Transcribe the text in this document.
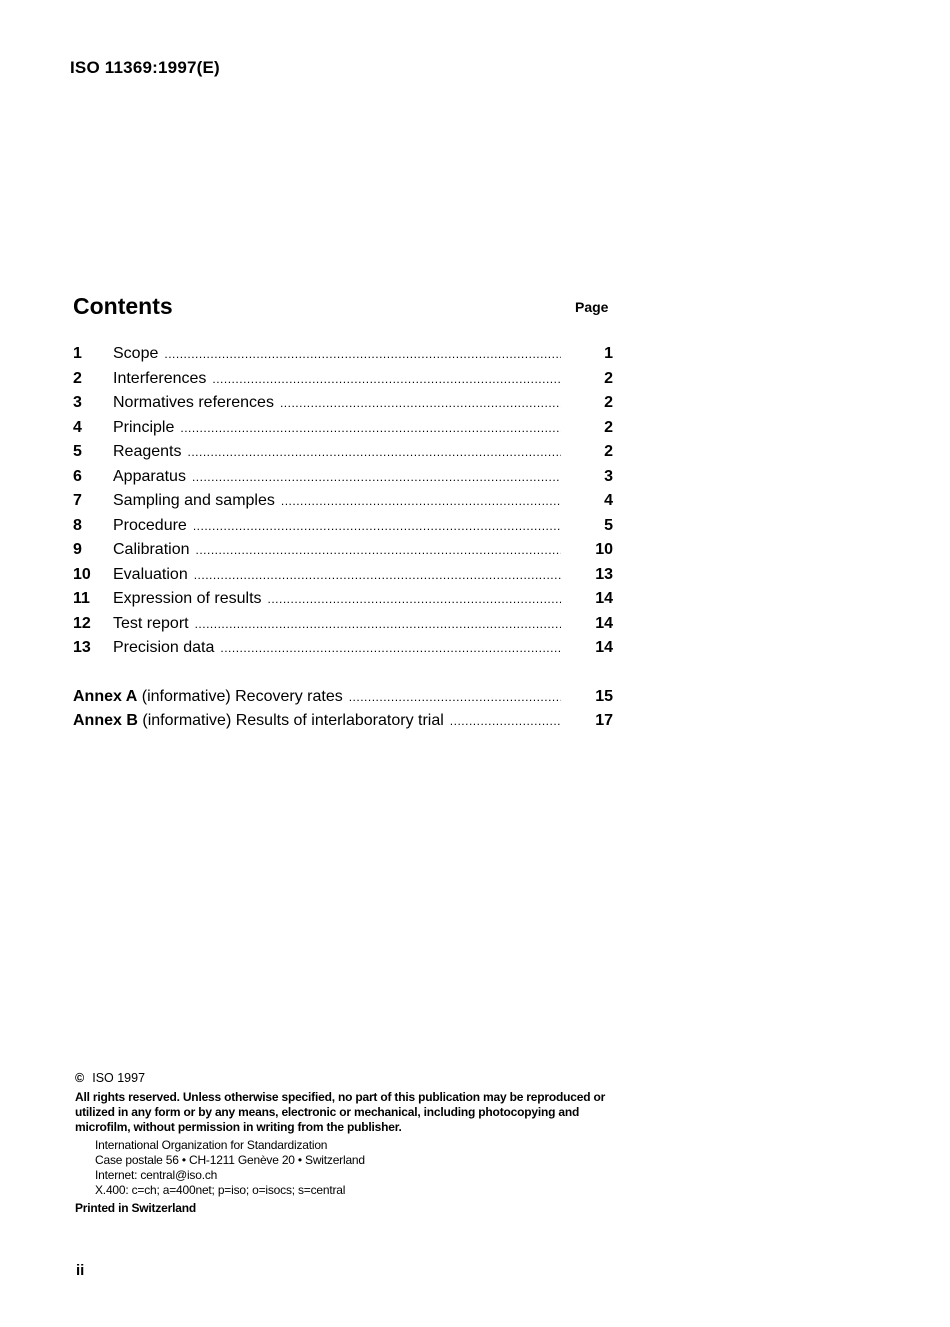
ISO 11369:1997(E)
Contents	Page
1	Scope .....	1
2	Interferences .....	2
3	Normatives references .....	2
4	Principle .....	2
5	Reagents .....	2
6	Apparatus .....	3
7	Sampling and samples .....	4
8	Procedure .....	5
9	Calibration .....	10
10	Evaluation .....	13
11	Expression of results .....	14
12	Test report .....	14
13	Precision data .....	14
Annex A (informative) Recovery rates .....	15
Annex B (informative) Results of interlaboratory trial .....	17
© ISO 1997
All rights reserved. Unless otherwise specified, no part of this publication may be reproduced or utilized in any form or by any means, electronic or mechanical, including photocopying and microfilm, without permission in writing from the publisher.
International Organization for Standardization
Case postale 56 • CH-1211 Genève 20 • Switzerland
Internet: central@iso.ch
X.400: c=ch; a=400net; p=iso; o=isocs; s=central
Printed in Switzerland
ii
